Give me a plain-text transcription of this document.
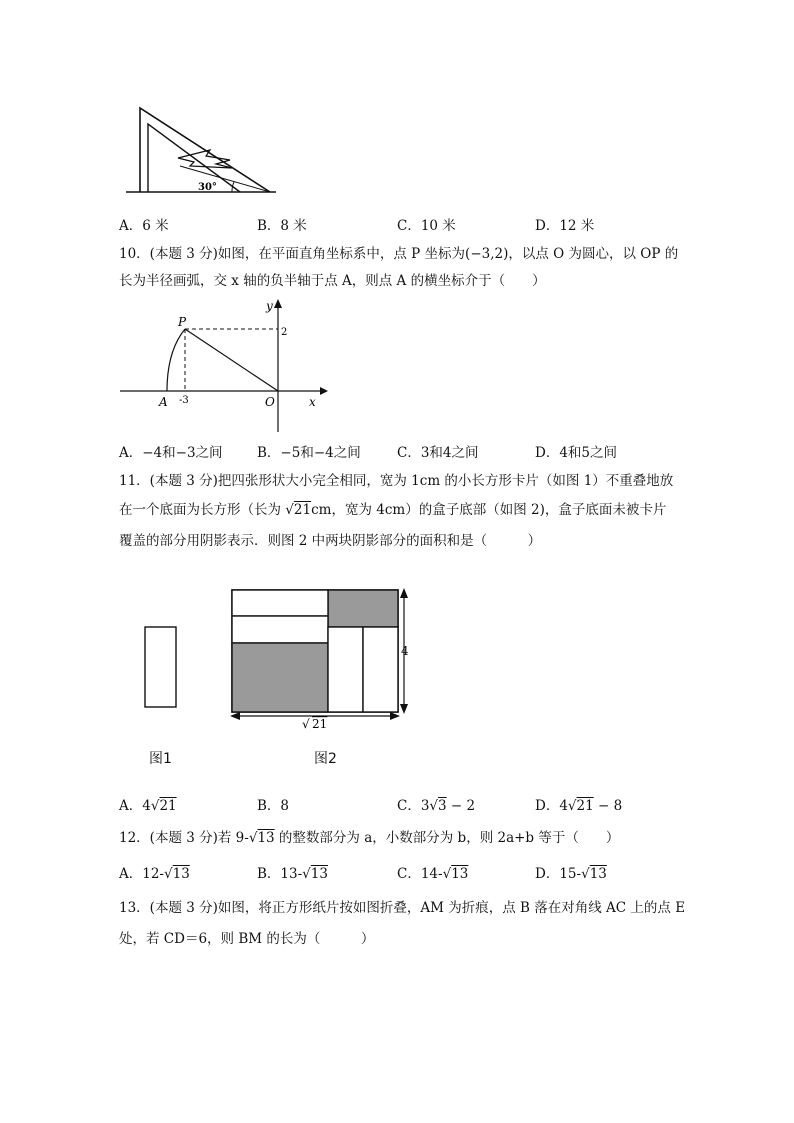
30°
A．6 米	B．8 米	C．10 米	D．12 米
10．(本题 3 分)如图，在平面直角坐标系中，点 P 坐标为(−3,2)，以点 O 为圆心，以 OP 的
长为半径画弧，交 x 轴的负半轴于点 A，则点 A 的横坐标介于（　　）
P
A -3	O	x
y
2
A．−4和−3之间	B．−5和−4之间	C．3和4之间	D．4和5之间
11．(本题 3 分)把四张形状大小完全相同，宽为 1cm 的小长方形卡片（如图 1）不重叠地放
在一个底面为长方形（长为 √21cm，宽为 4cm）的盒子底部（如图 2)，盒子底面未被卡片
覆盖的部分用阴影表示．则图 2 中两块阴影部分的面积和是（　　　）
4
√ 21
图1	图2
A．4√21	B．8	C．3√3 − 2	D．4√21 − 8
12．(本题 3 分)若 9-√13 的整数部分为 a，小数部分为 b，则 2a+b 等于（　　）
A．12-√13	B．13-√13	C．14-√13	D．15-√13
13．(本题 3 分)如图，将正方形纸片按如图折叠，AM 为折痕，点 B 落在对角线 AC 上的点 E
处，若 CD＝6，则 BM 的长为（　　　）
